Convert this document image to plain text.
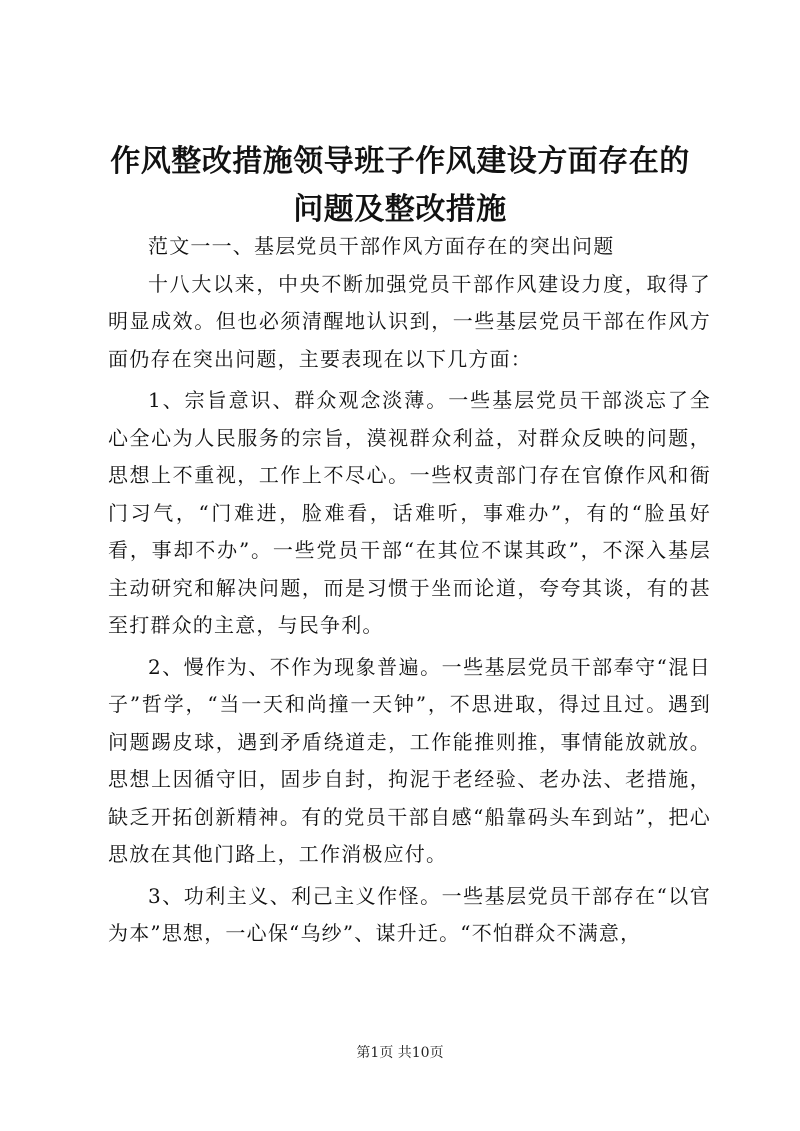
作风整改措施领导班子作风建设方面存在的问题及整改措施

范文一一、基层党员干部作风方面存在的突出问题

十八大以来，中央不断加强党员干部作风建设力度，取得了明显成效。但也必须清醒地认识到，一些基层党员干部在作风方面仍存在突出问题，主要表现在以下几方面：

1、宗旨意识、群众观念淡薄。一些基层党员干部淡忘了全心全心为人民服务的宗旨，漠视群众利益，对群众反映的问题，思想上不重视，工作上不尽心。一些权责部门存在官僚作风和衙门习气，“门难进，脸难看，话难听，事难办”，有的“脸虽好看，事却不办”。一些党员干部“在其位不谋其政”，不深入基层主动研究和解决问题，而是习惯于坐而论道，夸夸其谈，有的甚至打群众的主意，与民争利。

2、慢作为、不作为现象普遍。一些基层党员干部奉守“混日子”哲学，“当一天和尚撞一天钟”，不思进取，得过且过。遇到问题踢皮球，遇到矛盾绕道走，工作能推则推，事情能放就放。思想上因循守旧，固步自封，拘泥于老经验、老办法、老措施，缺乏开拓创新精神。有的党员干部自感“船靠码头车到站”，把心思放在其他门路上，工作消极应付。

3、功利主义、利己主义作怪。一些基层党员干部存在“以官为本”思想，一心保“乌纱”、谋升迁。“不怕群众不满意，

第1页 共10页
